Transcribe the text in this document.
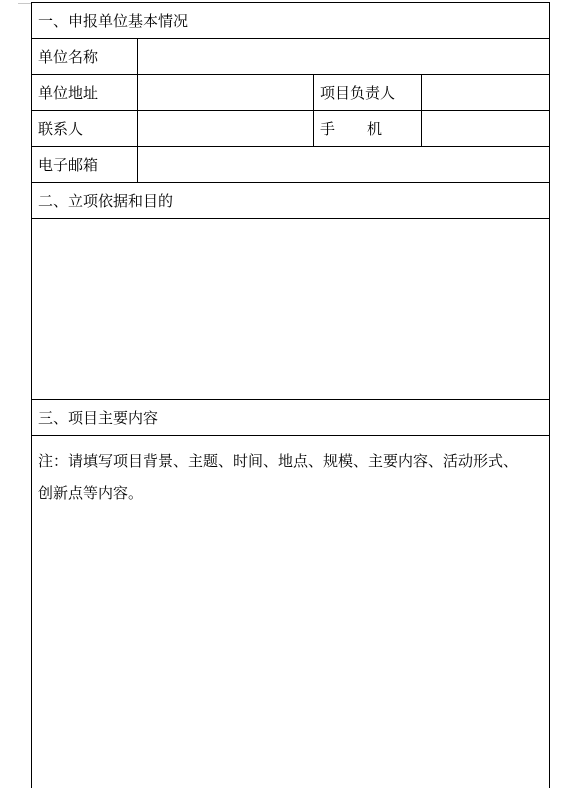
一、申报单位基本情况			
单位名称			
单位地址		项目负责人	
联系人		手 机	
电子邮箱			
二、立项依据和目的			

三、项目主要内容			

注：请填写项目背景、主题、时间、地点、规模、主要内容、活动形式、
创新点等内容。			
